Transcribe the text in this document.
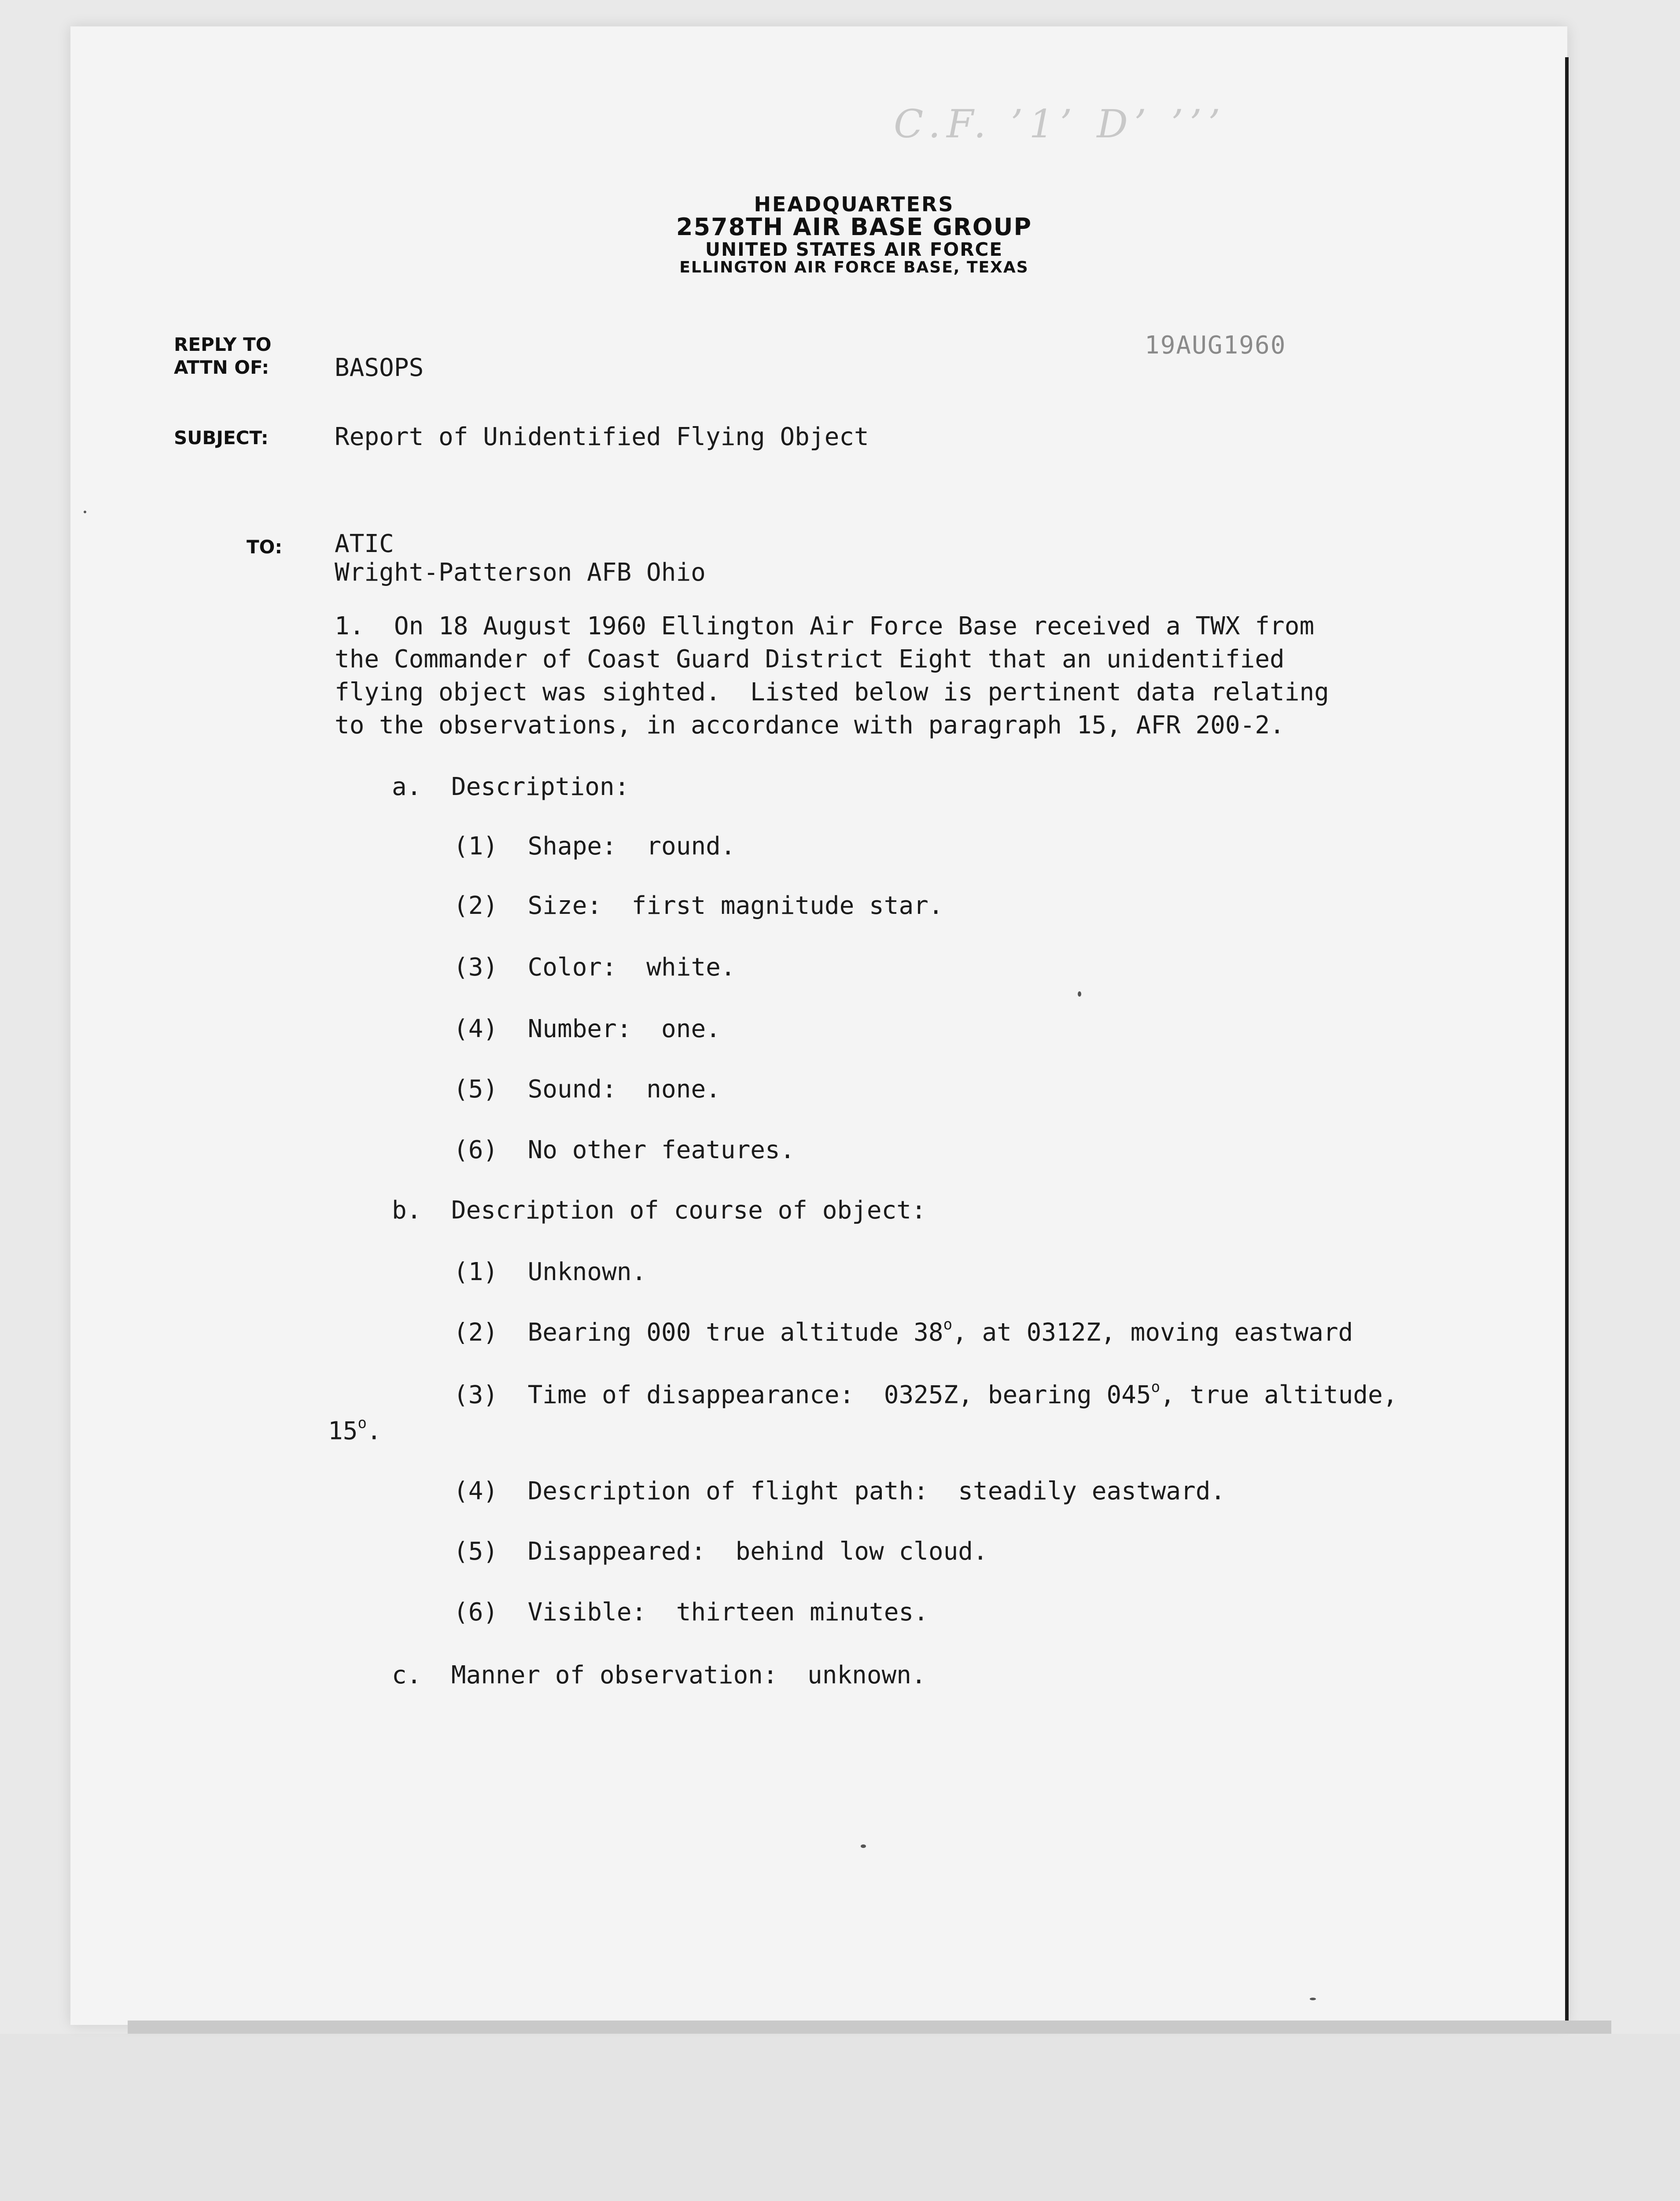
C.F. ’1’ D’ ’’’
HEADQUARTERS
2578TH AIR BASE GROUP
UNITED STATES AIR FORCE
ELLINGTON AIR FORCE BASE, TEXAS
REPLY TO
ATTN OF:	BASOPS
19AUG1960
SUBJECT:	Report of Unidentified Flying Object
TO: ATIC
Wright-Patterson AFB Ohio
1.  On 18 August 1960 Ellington Air Force Base received a TWX from
the Commander of Coast Guard District Eight that an unidentified
flying object was sighted.  Listed below is pertinent data relating
to the observations, in accordance with paragraph 15, AFR 200-2.
a.  Description:
(1)  Shape:  round.
(2)  Size:  first magnitude star.
(3)  Color:  white.
(4)  Number:  one.
(5)  Sound:  none.
(6)  No other features.
b.  Description of course of object:
(1)  Unknown.
(2)  Bearing 000 true altitude 38$^o$, at 0312Z, moving eastward
(3)  Time of disappearance:  0325Z, bearing 045$^o$, true altitude,
15$^o$.
(4)  Description of flight path:  steadily eastward.
(5)  Disappeared:  behind low cloud.
(6)  Visible:  thirteen minutes.
c.  Manner of observation:  unknown.
